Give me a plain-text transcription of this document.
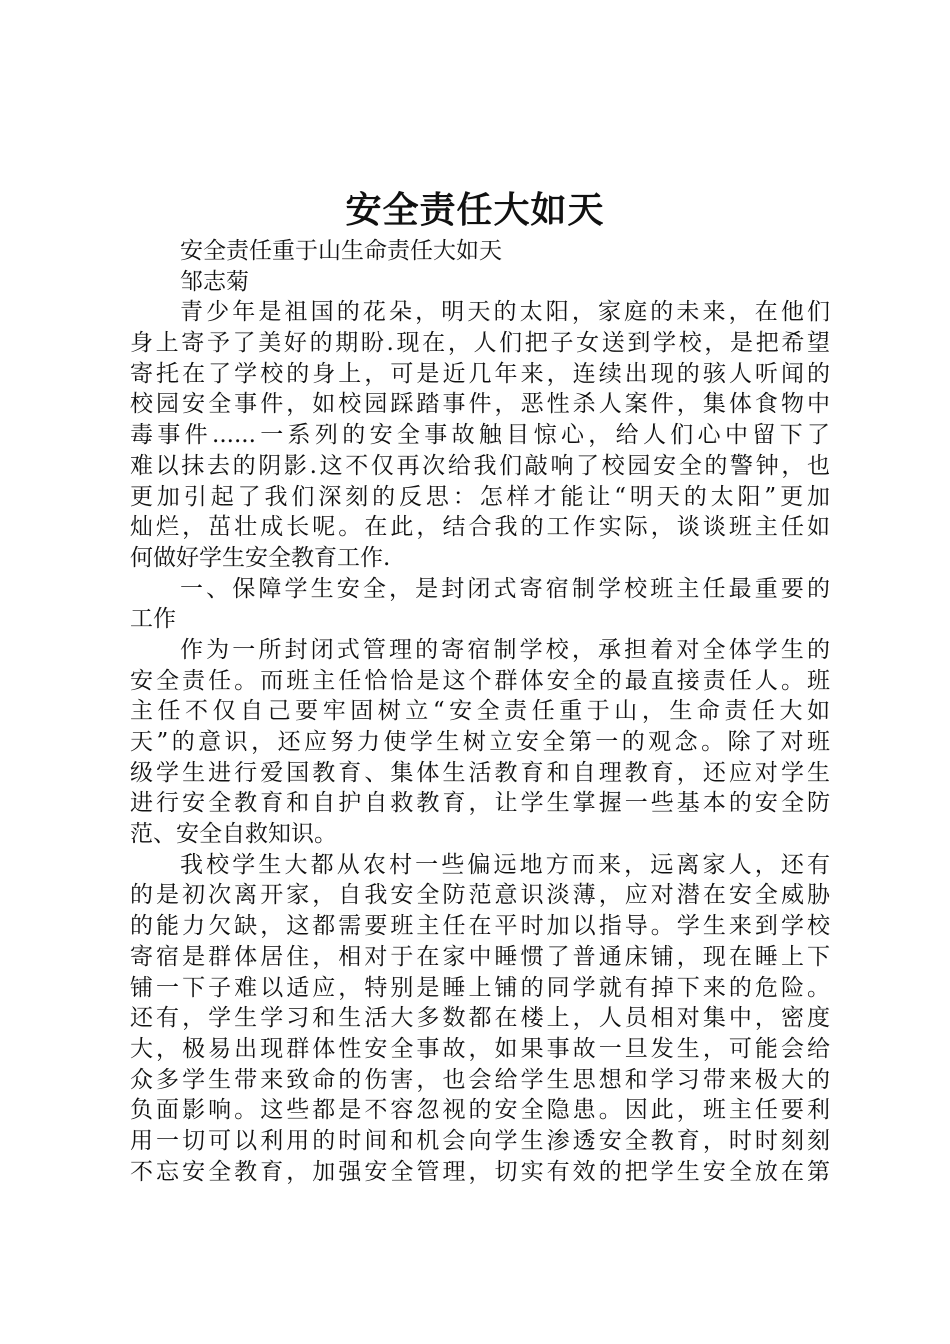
安全责任大如天
安全责任重于山生命责任大如天
邹志菊
青少年是祖国的花朵，明天的太阳，家庭的未来，在他们
身上寄予了美好的期盼.现在，人们把子女送到学校，是把希望
寄托在了学校的身上，可是近几年来，连续出现的骇人听闻的
校园安全事件，如校园踩踏事件，恶性杀人案件，集体食物中
毒事件......一系列的安全事故触目惊心，给人们心中留下了
难以抹去的阴影.这不仅再次给我们敲响了校园安全的警钟，也
更加引起了我们深刻的反思：怎样才能让“明天的太阳”更加
灿烂，茁壮成长呢。在此，结合我的工作实际，谈谈班主任如
何做好学生安全教育工作.
一、保障学生安全，是封闭式寄宿制学校班主任最重要的
工作
作为一所封闭式管理的寄宿制学校，承担着对全体学生的
安全责任。而班主任恰恰是这个群体安全的最直接责任人。班
主任不仅自己要牢固树立“安全责任重于山，生命责任大如
天”的意识，还应努力使学生树立安全第一的观念。除了对班
级学生进行爱国教育、集体生活教育和自理教育，还应对学生
进行安全教育和自护自救教育，让学生掌握一些基本的安全防
范、安全自救知识。
我校学生大都从农村一些偏远地方而来，远离家人，还有
的是初次离开家，自我安全防范意识淡薄，应对潜在安全威胁
的能力欠缺，这都需要班主任在平时加以指导。学生来到学校
寄宿是群体居住，相对于在家中睡惯了普通床铺，现在睡上下
铺一下子难以适应，特别是睡上铺的同学就有掉下来的危险。
还有，学生学习和生活大多数都在楼上，人员相对集中，密度
大，极易出现群体性安全事故，如果事故一旦发生，可能会给
众多学生带来致命的伤害，也会给学生思想和学习带来极大的
负面影响。这些都是不容忽视的安全隐患。因此，班主任要利
用一切可以利用的时间和机会向学生渗透安全教育，时时刻刻
不忘安全教育，加强安全管理，切实有效的把学生安全放在第
